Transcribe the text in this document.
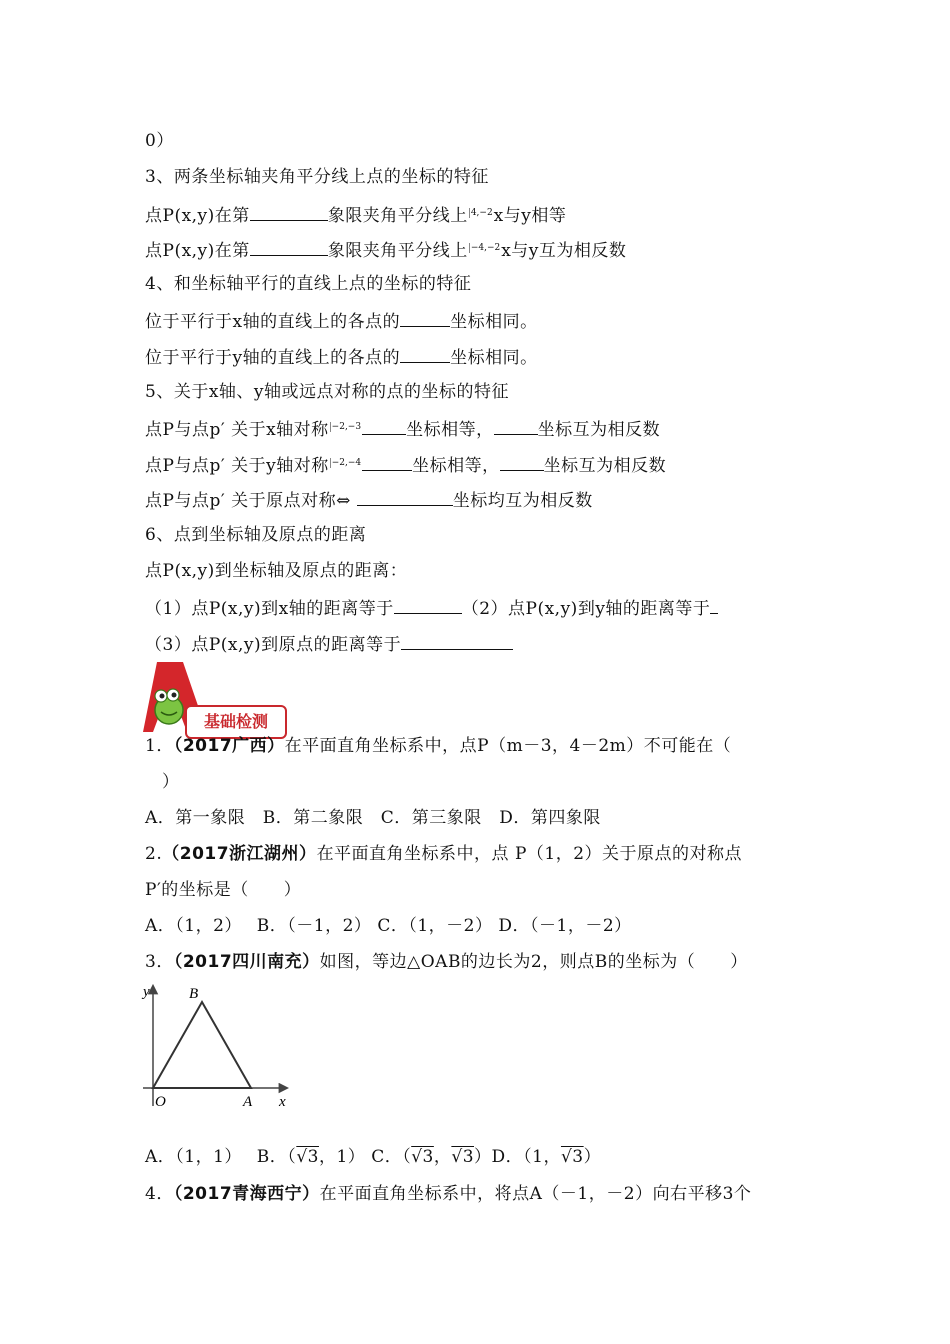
0）
3、两条坐标轴夹角平分线上点的坐标的特征
点P(x,y)在第	象限夹角平分线上 $^{4,-2}$x与y相等
点P(x,y)在第	象限夹角平分线上 $^{-4,-2}$x与y互为相反数
4、和坐标轴平行的直线上点的坐标的特征
位于平行于x轴的直线上的各点的	坐标相同。
位于平行于y轴的直线上的各点的	坐标相同。
5、关于x轴、y轴或远点对称的点的坐标的特征
点P与点p′ 关于x轴对称 $^{-2,-3}$	坐标相等，	坐标互为相反数
点P与点p′ 关于y轴对称 $^{-2,-4}$	坐标相等，	坐标互为相反数
点P与点p′ 关于原点对称⇔	坐标均互为相反数
6、点到坐标轴及原点的距离
点P(x,y)到坐标轴及原点的距离：
（1）点P(x,y)到x轴的距离等于	（2）点P(x,y)到y轴的距离等于
（3）点P(x,y)到原点的距离等于
基础检测
1．（2017广西）在平面直角坐标系中，点P（m－3，4－2m）不可能在（
）
A．第一象限　B．第二象限　C．第三象限　D．第四象限
2.（2017浙江湖州）在平面直角坐标系中，点 P（1，2）关于原点的对称点
P′的坐标是（　　）
A．（1，2）　 B．（－1，2） C．（1，－2） D．（－1，－2）
3．（2017四川南充）如图，等边△OAB的边长为2，则点B的坐标为（　　）
y	B
O	A x
A．（1，1）　 B．（√3，1） C．（√3，√3）D．（1，√3）
4．（2017青海西宁）在平面直角坐标系中，将点A（－1，－2）向右平移3个
